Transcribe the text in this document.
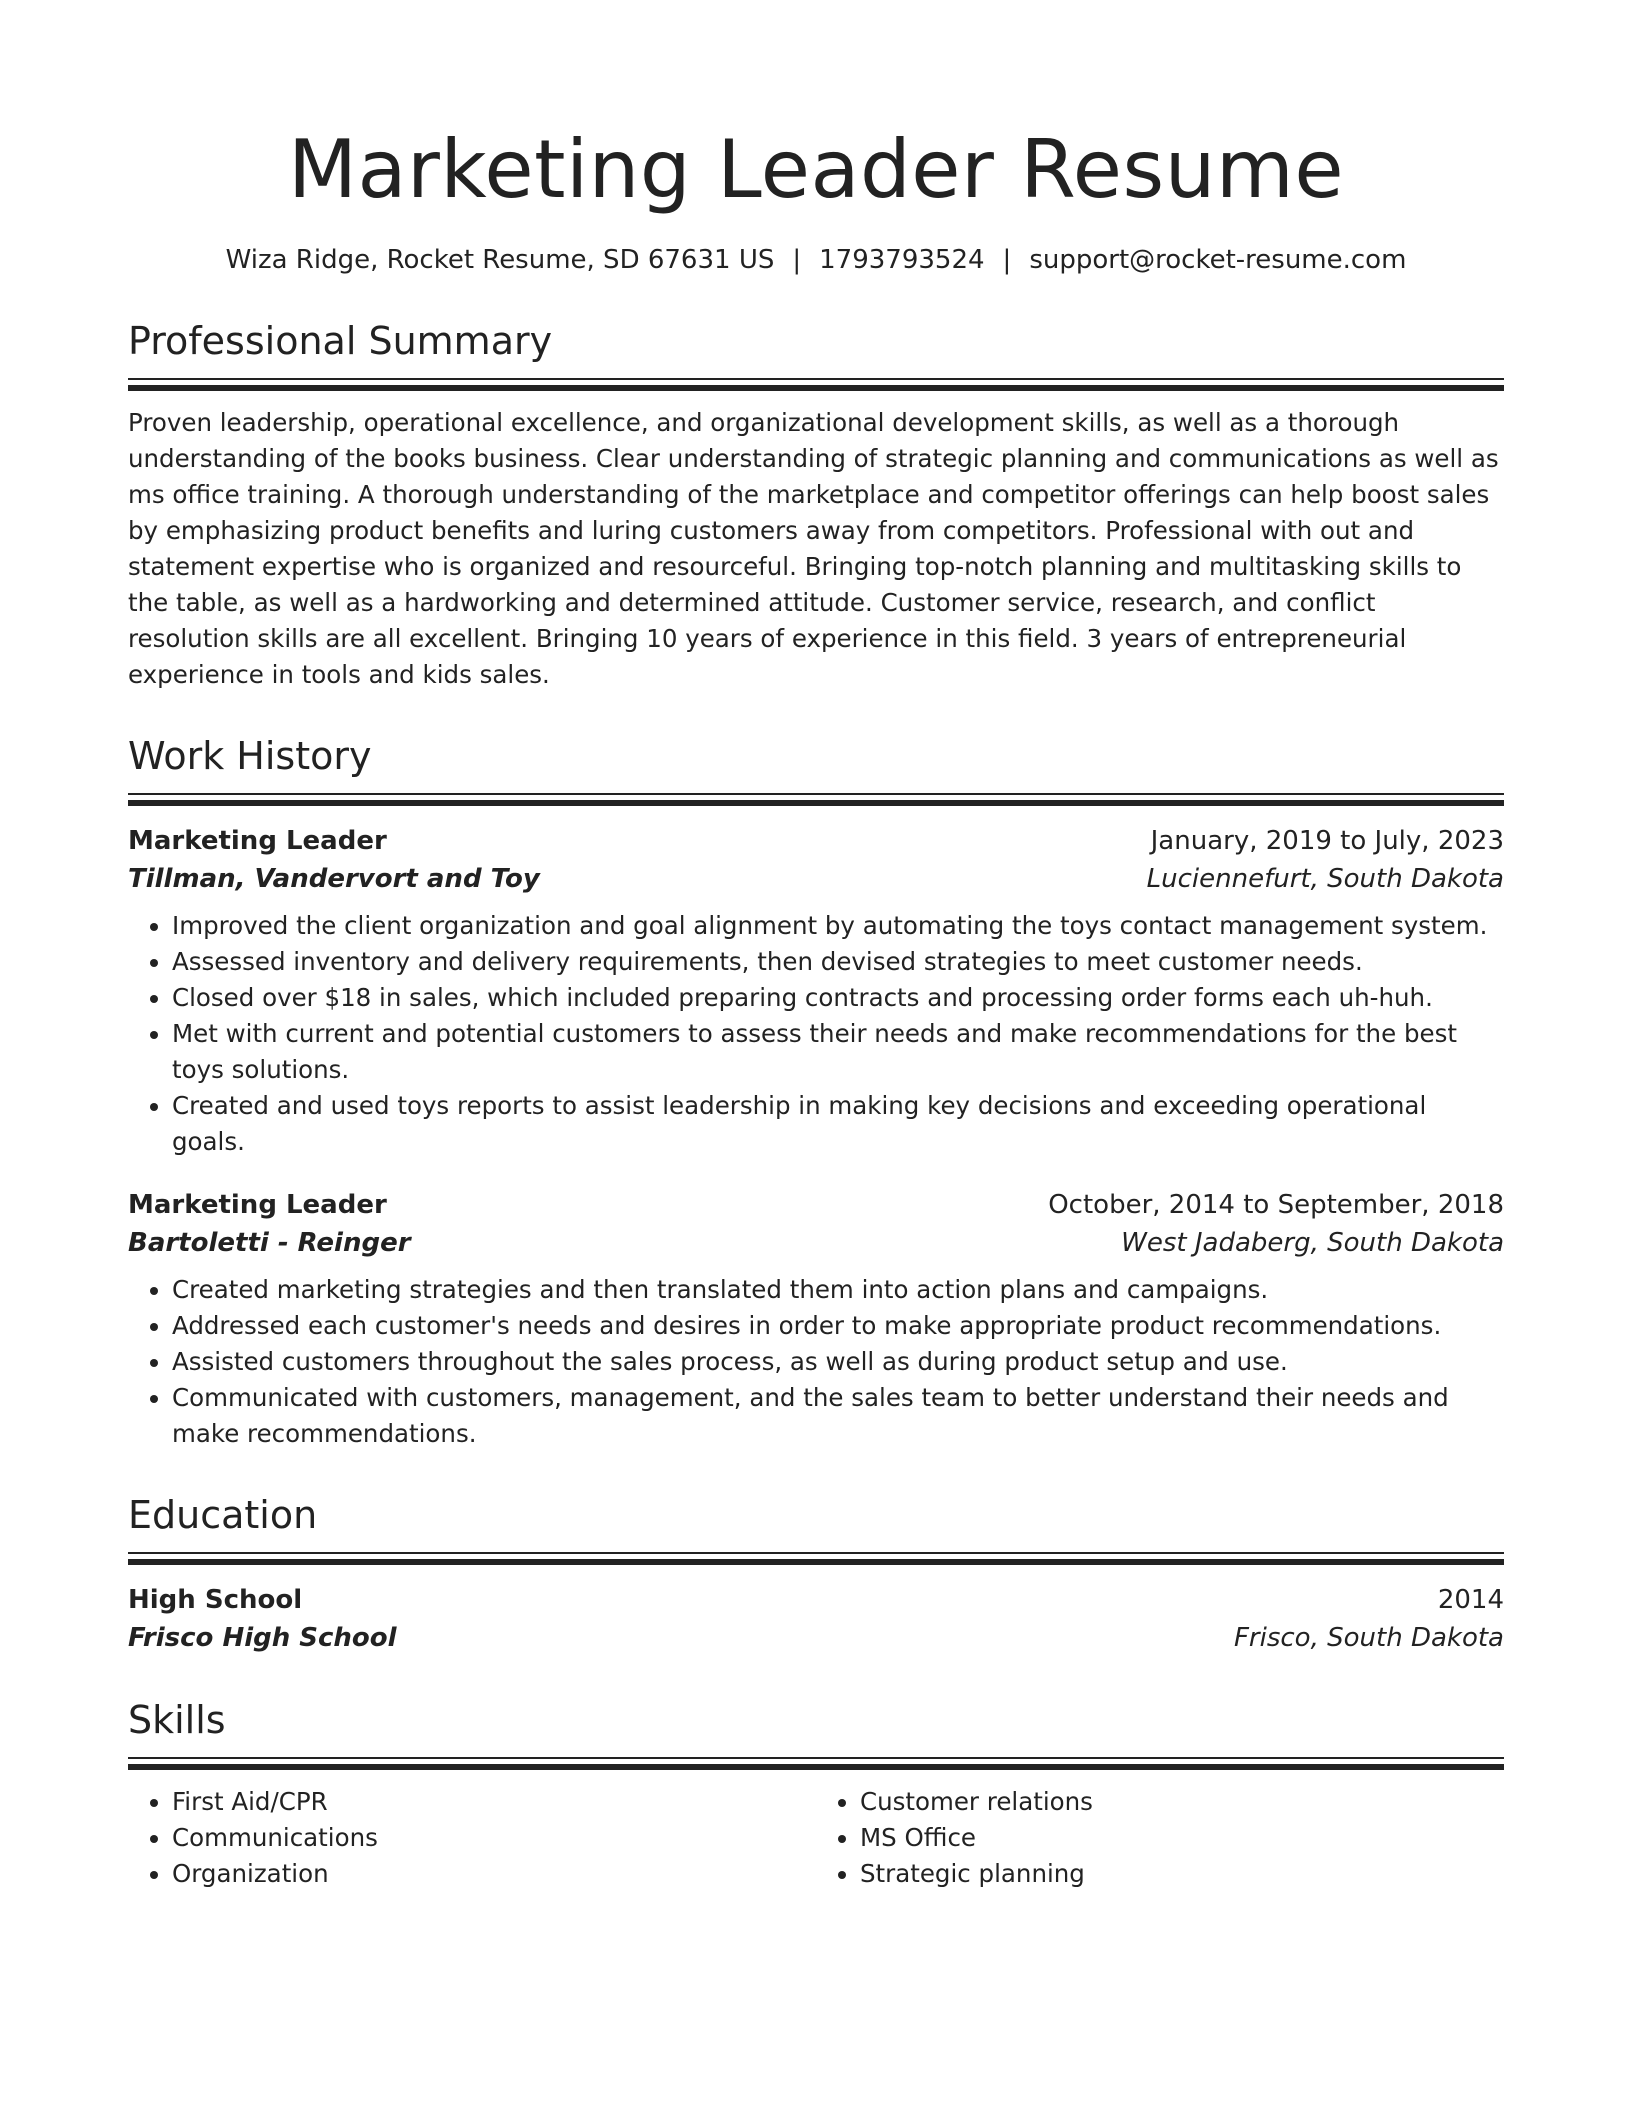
Marketing Leader Resume
Wiza Ridge, Rocket Resume, SD 67631 US | 1793793524 | support@rocket-resume.com
Professional Summary

Proven leadership, operational excellence, and organizational development skills, as well as a thorough understanding of the books business. Clear understanding of strategic planning and communications as well as ms office training. A thorough understanding of the marketplace and competitor offerings can help boost sales by emphasizing product benefits and luring customers away from competitors. Professional with out and statement expertise who is organized and resourceful. Bringing top-notch planning and multitasking skills to the table, as well as a hardworking and determined attitude. Customer service, research, and conflict resolution skills are all excellent. Bringing 10 years of experience in this field. 3 years of entrepreneurial experience in tools and kids sales.

Work History
Marketing Leader	January, 2019 to July, 2023
Tillman, Vandervort and Toy	Luciennefurt, South Dakota
• Improved the client organization and goal alignment by automating the toys contact management system.
• Assessed inventory and delivery requirements, then devised strategies to meet customer needs.
• Closed over $18 in sales, which included preparing contracts and processing order forms each uh-huh.
• Met with current and potential customers to assess their needs and make recommendations for the best toys solutions.
• Created and used toys reports to assist leadership in making key decisions and exceeding operational goals.
Marketing Leader	October, 2014 to September, 2018
Bartoletti - Reinger	West Jadaberg, South Dakota
• Created marketing strategies and then translated them into action plans and campaigns.
• Addressed each customer's needs and desires in order to make appropriate product recommendations.
• Assisted customers throughout the sales process, as well as during product setup and use.
• Communicated with customers, management, and the sales team to better understand their needs and make recommendations.
Education
High School	2014
Frisco High School	Frisco, South Dakota
Skills
• First Aid/CPR
• Communications
• Organization
• Customer relations
• MS Office
• Strategic planning
